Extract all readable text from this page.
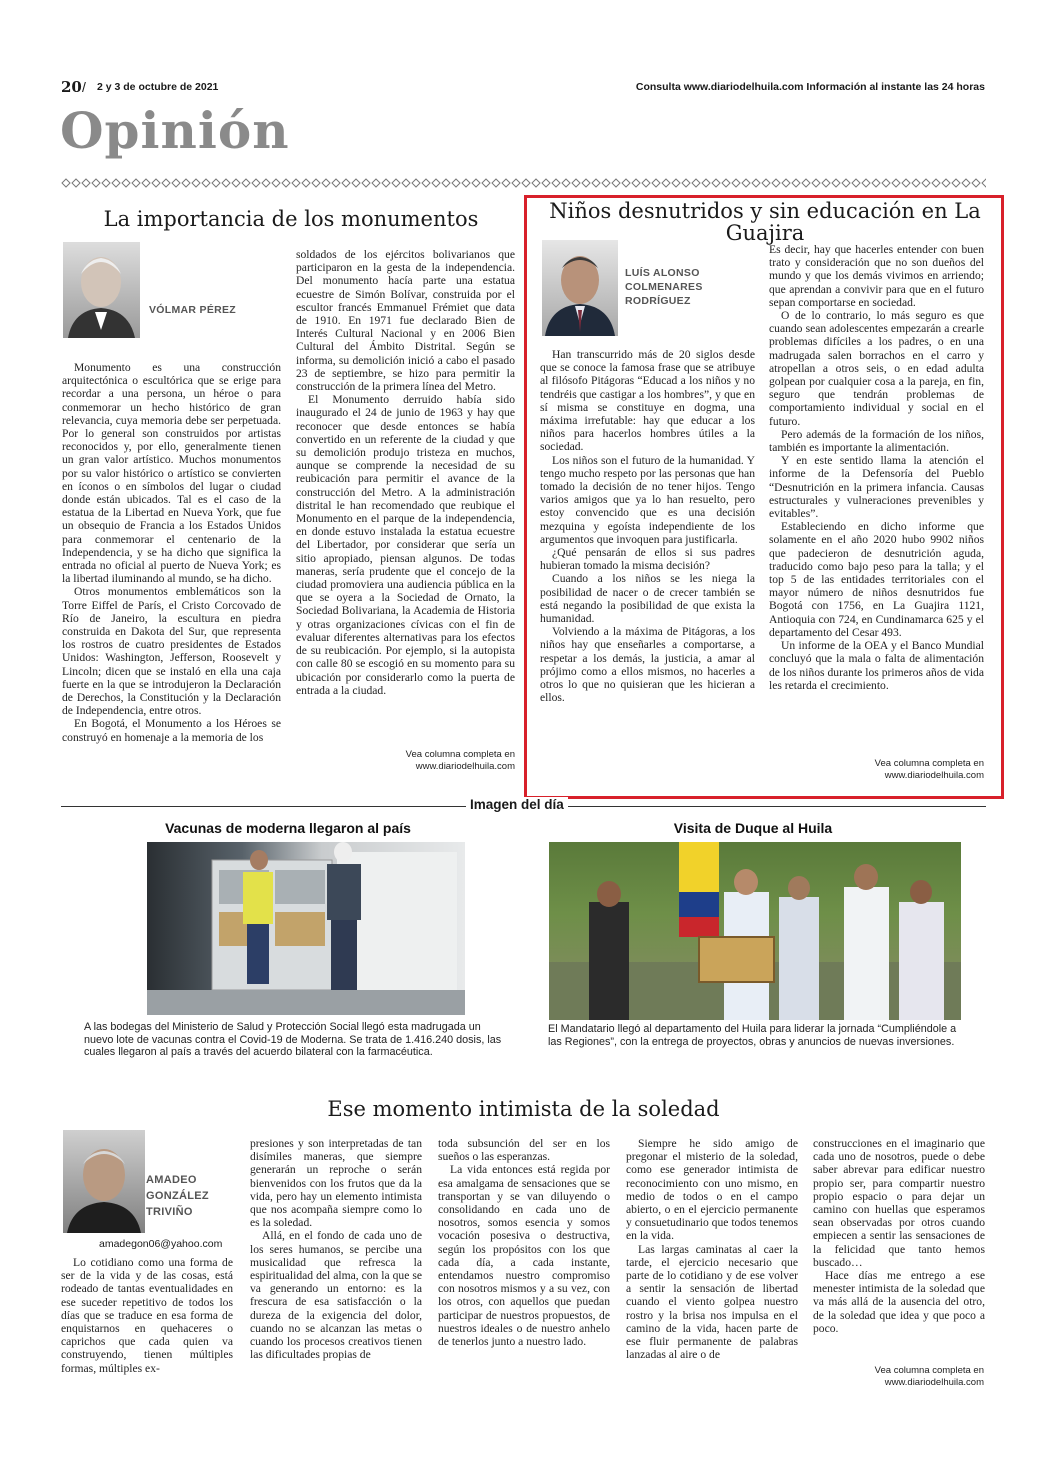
20 / 2 y 3 de octubre de 2021	Consulta www.diariodelhuila.com Información al instante las 24 horas
Opinión
La importancia de los monumentos
VÓLMAR PÉREZ

Monumento es una construcción arquitectónica o escultórica que se erige para recordar a una persona, un héroe o para conmemorar un hecho histórico de gran relevancia, cuya memoria debe ser perpetuada. Por lo general son construidos por artistas reconocidos y, por ello, generalmente tienen un gran valor artístico. Muchos monumentos por su valor histórico o artístico se convierten en íconos o en símbolos del lugar o ciudad donde están ubicados. Tal es el caso de la estatua de la Libertad en Nueva York, que fue un obsequio de Francia a los Estados Unidos para conmemorar el centenario de la Independencia, y se ha dicho que significa la entrada no oficial al puerto de Nueva York; es la libertad iluminando al mundo, se ha dicho.

Otros monumentos emblemáticos son la Torre Eiffel de París, el Cristo Corcovado de Río de Janeiro, la escultura en piedra construida en Dakota del Sur, que representa los rostros de cuatro presidentes de Estados Unidos: Washington, Jefferson, Roosevelt y Lincoln; dicen que se instaló en ella una caja fuerte en la que se introdujeron la Declaración de Derechos, la Constitución y la Declaración de Independencia, entre otros.

En Bogotá, el Monumento a los Héroes se construyó en homenaje a la memoria de los

soldados de los ejércitos bolivarianos que participaron en la gesta de la independencia. Del monumento hacía parte una estatua ecuestre de Simón Bolívar, construida por el escultor francés Emmanuel Frémiet que data de 1910. En 1971 fue declarado Bien de Interés Cultural Nacional y en 2006 Bien Cultural del Ámbito Distrital. Según se informa, su demolición inició a cabo el pasado 23 de septiembre, se hizo para permitir la construcción de la primera línea del Metro.

El Monumento derruido había sido inaugurado el 24 de junio de 1963 y hay que reconocer que desde entonces se había convertido en un referente de la ciudad y que su demolición produjo tristeza en muchos, aunque se comprende la necesidad de su reubicación para permitir el avance de la construcción del Metro. A la administración distrital le han recomendado que reubique el Monumento en el parque de la independencia, en donde estuvo instalada la estatua ecuestre del Libertador, por considerar que sería un sitio apropiado, piensan algunos. De todas maneras, sería prudente que el concejo de la ciudad promoviera una audiencia pública en la que se oyera a la Sociedad de Ornato, la Sociedad Bolivariana, la Academia de Historia y otras organizaciones cívicas con el fin de evaluar diferentes alternativas para los efectos de su reubicación. Por ejemplo, si la autopista con calle 80 se escogió en su momento para su ubicación por considerarlo como la puerta de entrada a la ciudad.

Vea columna completa en
www.diariodelhuila.com
Niños desnutridos y sin educación en La Guajira
LUÍS ALONSO
COLMENARES
RODRÍGUEZ

Han transcurrido más de 20 siglos desde que se conoce la famosa frase que se atribuye al filósofo Pitágoras “Educad a los niños y no tendréis que castigar a los hombres”, y que en sí misma se constituye en dogma, una máxima irrefutable: hay que educar a los niños para hacerlos hombres útiles a la sociedad.

Los niños son el futuro de la humanidad. Y tengo mucho respeto por las personas que han tomado la decisión de no tener hijos. Tengo varios amigos que ya lo han resuelto, pero estoy convencido que es una decisión mezquina y egoísta independiente de los argumentos que invoquen para justificarla.

¿Qué pensarán de ellos si sus padres hubieran tomado la misma decisión?

Cuando a los niños se les niega la posibilidad de nacer o de crecer también se está negando la posibilidad de que exista la humanidad.

Volviendo a la máxima de Pitágoras, a los niños hay que enseñarles a comportarse, a respetar a los demás, la justicia, a amar al prójimo como a ellos mismos, no hacerles a otros lo que no quisieran que les hicieran a ellos.

Es decir, hay que hacerles entender con buen trato y consideración que no son dueños del mundo y que los demás vivimos en arriendo; que aprendan a convivir para que en el futuro sepan comportarse en sociedad.

O de lo contrario, lo más seguro es que cuando sean adolescentes empezarán a crearle problemas difíciles a los padres, o en una madrugada salen borrachos en el carro y atropellan a otros seis, o en edad adulta golpean por cualquier cosa a la pareja, en fin, seguro que tendrán problemas de comportamiento individual y social en el futuro.

Pero además de la formación de los niños, también es importante la alimentación.

Y en este sentido llama la atención el informe de la Defensoría del Pueblo “Desnutrición en la primera infancia. Causas estructurales y vulneraciones prevenibles y evitables”.

Estableciendo en dicho informe que solamente en el año 2020 hubo 9902 niños que padecieron de desnutrición aguda, traducido como bajo peso para la talla; y el top 5 de las entidades territoriales con el mayor número de niños desnutridos fue Bogotá con 1756, en La Guajira 1121, Antioquia con 724, en Cundinamarca 625 y el departamento del Cesar 493.

Un informe de la OEA y el Banco Mundial concluyó que la mala o falta de alimentación de los niños durante los primeros años de vida les retarda el crecimiento.

Vea columna completa en
www.diariodelhuila.com
Imagen del día
Vacunas de moderna llegaron al país	Visita de Duque al Huila
A las bodegas del Ministerio de Salud y Protección Social llegó esta madrugada un nuevo lote de vacunas contra el Covid-19 de Moderna. Se trata de 1.416.240 dosis, las cuales llegaron al país a través del acuerdo bilateral con la farmacéutica.
El Mandatario llegó al departamento del Huila para liderar la jornada “Cumpliéndole a las Regiones”, con la entrega de proyectos, obras y anuncios de nuevas inversiones.
Ese momento intimista de la soledad
AMADEO
GONZÁLEZ
TRIVIÑO
amadegon06@yahoo.com

Lo cotidiano como una forma de ser de la vida y de las cosas, está rodeado de tantas eventualidades en ese suceder repetitivo de todos los días que se traduce en esa forma de enquistarnos en quehaceres o caprichos que cada quien va construyendo, tienen múltiples formas, múltiples ex-

presiones y son interpretadas de tan disímiles maneras, que siempre generarán un reproche o serán bienvenidos con los frutos que da la vida, pero hay un elemento intimista que nos acompaña siempre como lo es la soledad.

Allá, en el fondo de cada uno de los seres humanos, se percibe una musicalidad que refresca la espiritualidad del alma, con la que se va generando un entorno: es la frescura de esa satisfacción o la dureza de la exigencia del dolor, cuando no se alcanzan las metas o cuando los procesos creativos tienen las dificultades propias de

toda subsunción del ser en los sueños o las esperanzas.

La vida entonces está regida por esa amalgama de sensaciones que se transportan y se van diluyendo o consolidando en cada uno de nosotros, somos esencia y somos vocación posesiva o destructiva, según los propósitos con los que cada día, a cada instante, entendamos nuestro compromiso con nosotros mismos y a su vez, con los otros, con aquellos que puedan participar de nuestros propuestos, de nuestros ideales o de nuestro anhelo de tenerlos junto a nuestro lado.

Siempre he sido amigo de pregonar el misterio de la soledad, como ese generador intimista de reconocimiento con uno mismo, en medio de todos o en el campo abierto, o en el ejercicio permanente y consuetudinario que todos tenemos en la vida.

Las largas caminatas al caer la tarde, el ejercicio necesario que parte de lo cotidiano y de ese volver a sentir la sensación de libertad cuando el viento golpea nuestro rostro y la brisa nos impulsa en el camino de la vida, hacen parte de ese fluir permanente de palabras lanzadas al aire o de

construcciones en el imaginario que cada uno de nosotros, puede o debe saber abrevar para edificar nuestro propio ser, para compartir nuestro propio espacio o para dejar un camino con huellas que esperamos sean observadas por otros cuando empiecen a sentir las sensaciones de la felicidad que tanto hemos buscado…

Hace días me entrego a ese menester intimista de la soledad que va más allá de la ausencia del otro, de la soledad que idea y que poco a poco.

Vea columna completa en
www.diariodelhuila.com
